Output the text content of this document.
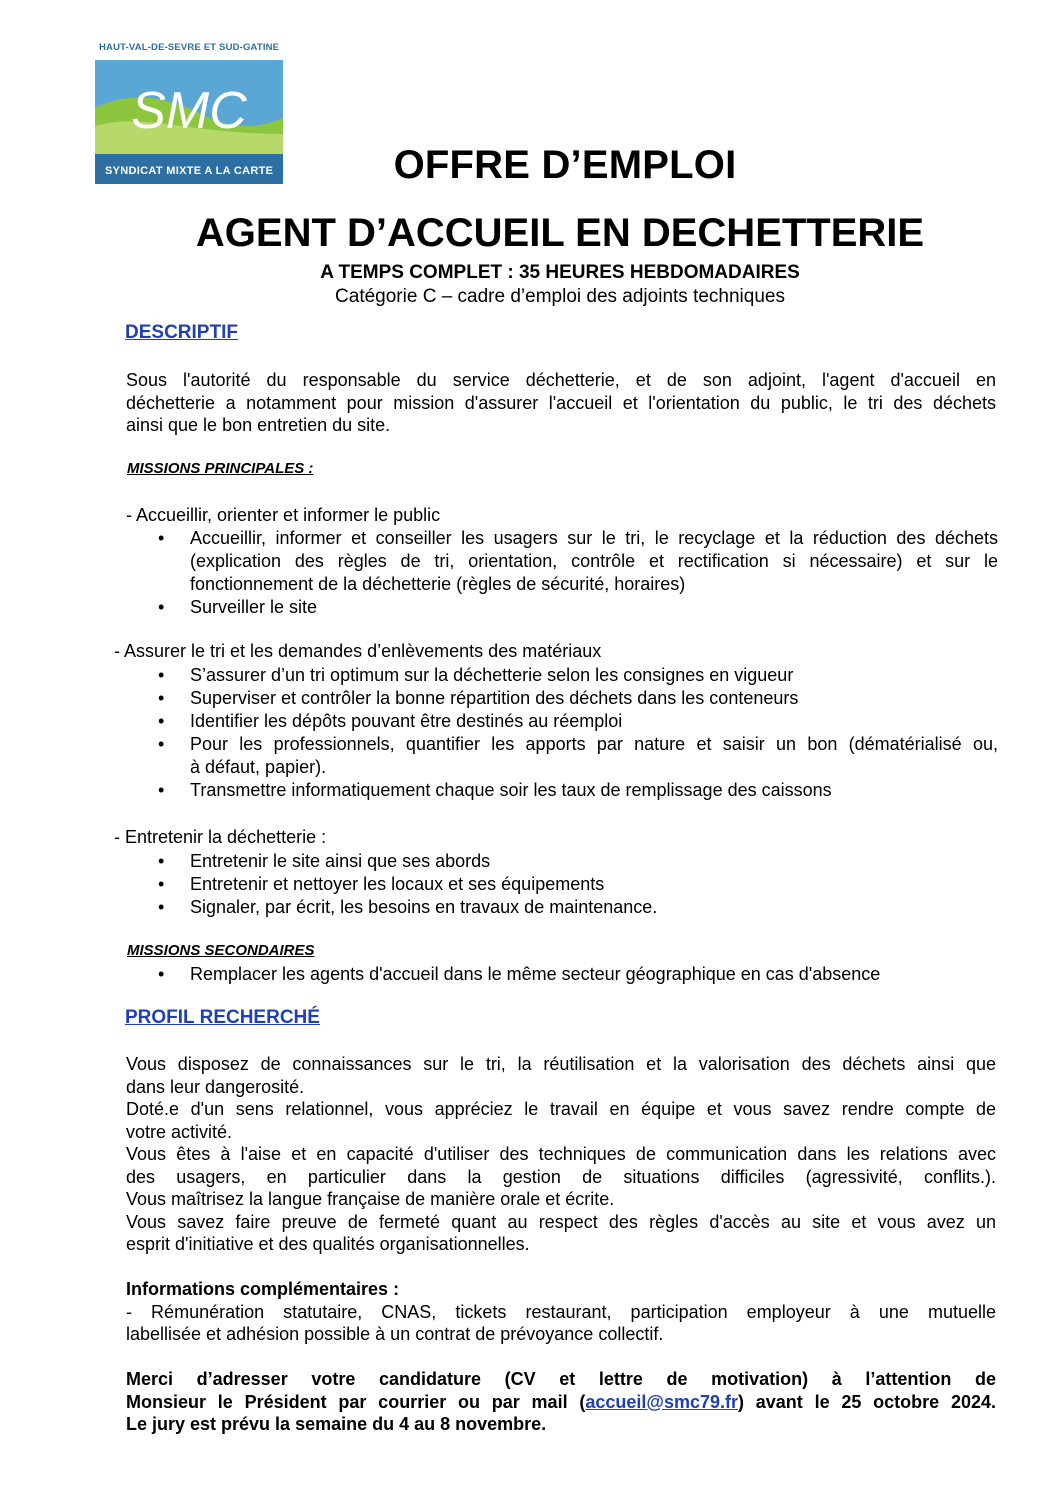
HAUT-VAL-DE-SEVRE ET SUD-GATINE
SMC
SYNDICAT MIXTE A LA CARTE	OFFRE D’EMPLOI
AGENT D’ACCUEIL EN DECHETTERIE
A TEMPS COMPLET : 35 HEURES HEBDOMADAIRES
Catégorie C – cadre d’emploi des adjoints techniques
DESCRIPTIF
Sous l'autorité du responsable du service déchetterie, et de son adjoint, l'agent d'accueil en
déchetterie a notamment pour mission d'assurer l'accueil et l'orientation du public, le tri des déchets
ainsi que le bon entretien du site.
MISSIONS PRINCIPALES :
- Accueillir, orienter et informer le public
• Accueillir, informer et conseiller les usagers sur le tri, le recyclage et la réduction des déchets
(explication des règles de tri, orientation, contrôle et rectification si nécessaire) et sur le
fonctionnement de la déchetterie (règles de sécurité, horaires)
• Surveiller le site
- Assurer le tri et les demandes d’enlèvements des matériaux
• S’assurer d’un tri optimum sur la déchetterie selon les consignes en vigueur
• Superviser et contrôler la bonne répartition des déchets dans les conteneurs
• Identifier les dépôts pouvant être destinés au réemploi
• Pour les professionnels, quantifier les apports par nature et saisir un bon (dématérialisé ou,
à défaut, papier).
• Transmettre informatiquement chaque soir les taux de remplissage des caissons
- Entretenir la déchetterie :
• Entretenir le site ainsi que ses abords
• Entretenir et nettoyer les locaux et ses équipements
• Signaler, par écrit, les besoins en travaux de maintenance.
MISSIONS SECONDAIRES
• Remplacer les agents d'accueil dans le même secteur géographique en cas d'absence
PROFIL RECHERCHÉ
Vous disposez de connaissances sur le tri, la réutilisation et la valorisation des déchets ainsi que
dans leur dangerosité.
Doté.e d'un sens relationnel, vous appréciez le travail en équipe et vous savez rendre compte de
votre activité.
Vous êtes à l'aise et en capacité d'utiliser des techniques de communication dans les relations avec
des usagers, en particulier dans la gestion de situations difficiles (agressivité, conflits.).
Vous maîtrisez la langue française de manière orale et écrite.
Vous savez faire preuve de fermeté quant au respect des règles d'accès au site et vous avez un
esprit d'initiative et des qualités organisationnelles.
Informations complémentaires :
- Rémunération statutaire, CNAS, tickets restaurant, participation employeur à une mutuelle
labellisée et adhésion possible à un contrat de prévoyance collectif.
Merci d’adresser votre candidature (CV et lettre de motivation) à l’attention de
Monsieur le Président par courrier ou par mail (accueil@smc79.fr) avant le 25 octobre 2024.
Le jury est prévu la semaine du 4 au 8 novembre.
